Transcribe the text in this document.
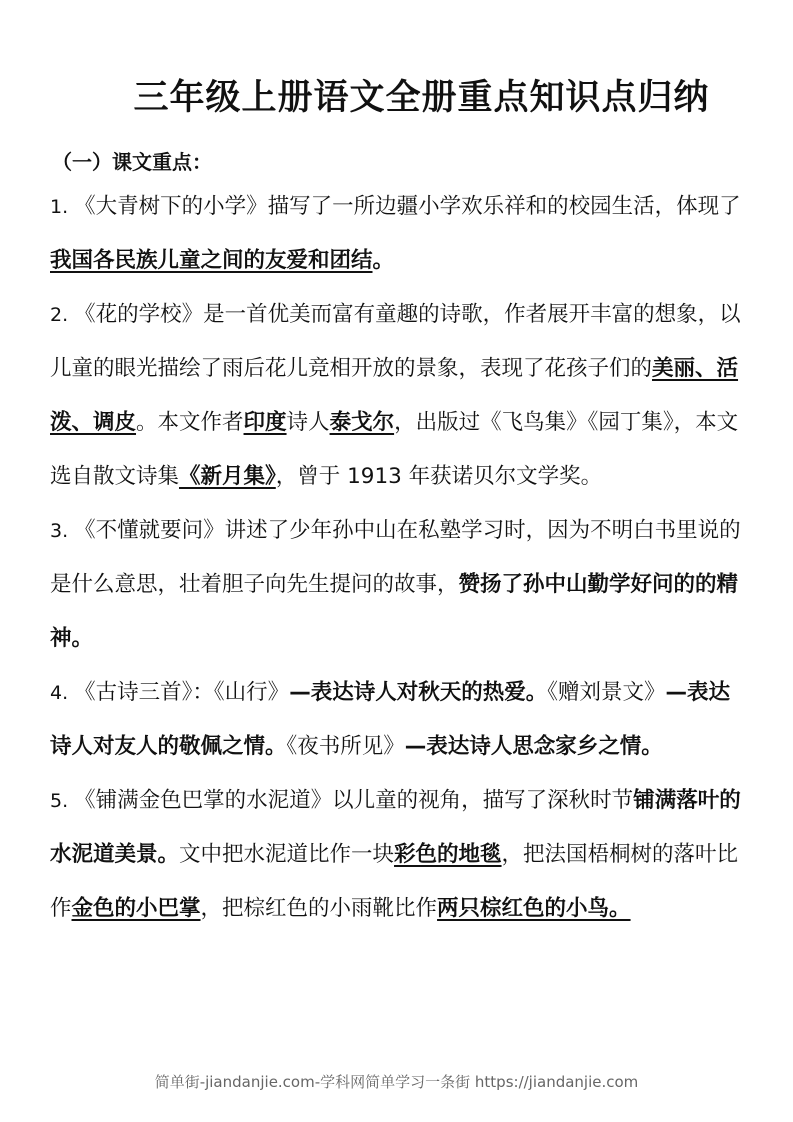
三年级上册语文全册重点知识点归纳
（一）课文重点：

1. 《大青树下的小学》描写了一所边疆小学欢乐祥和的校园生活，体现了我国各民族儿童之间的友爱和团结。

2. 《花的学校》是一首优美而富有童趣的诗歌，作者展开丰富的想象，以儿童的眼光描绘了雨后花儿竞相开放的景象，表现了花孩子们的美丽、活泼、调皮。本文作者印度诗人泰戈尔，出版过《飞鸟集》《园丁集》，本文选自散文诗集《新月集》，曾于 1913 年获诺贝尔文学奖。

3. 《不懂就要问》讲述了少年孙中山在私塾学习时，因为不明白书里说的是什么意思，壮着胆子向先生提问的故事，赞扬了孙中山勤学好问的的精神。

4. 《古诗三首》：《山行》—表达诗人对秋天的热爱。《赠刘景文》—表达诗人对友人的敬佩之情。《夜书所见》—表达诗人思念家乡之情。

5. 《铺满金色巴掌的水泥道》以儿童的视角，描写了深秋时节铺满落叶的水泥道美景。文中把水泥道比作一块彩色的地毯，把法国梧桐树的落叶比作金色的小巴掌，把棕红色的小雨靴比作两只棕红色的小鸟。

简单街-jiandanjie.com-学科网简单学习一条街 https://jiandanjie.com
